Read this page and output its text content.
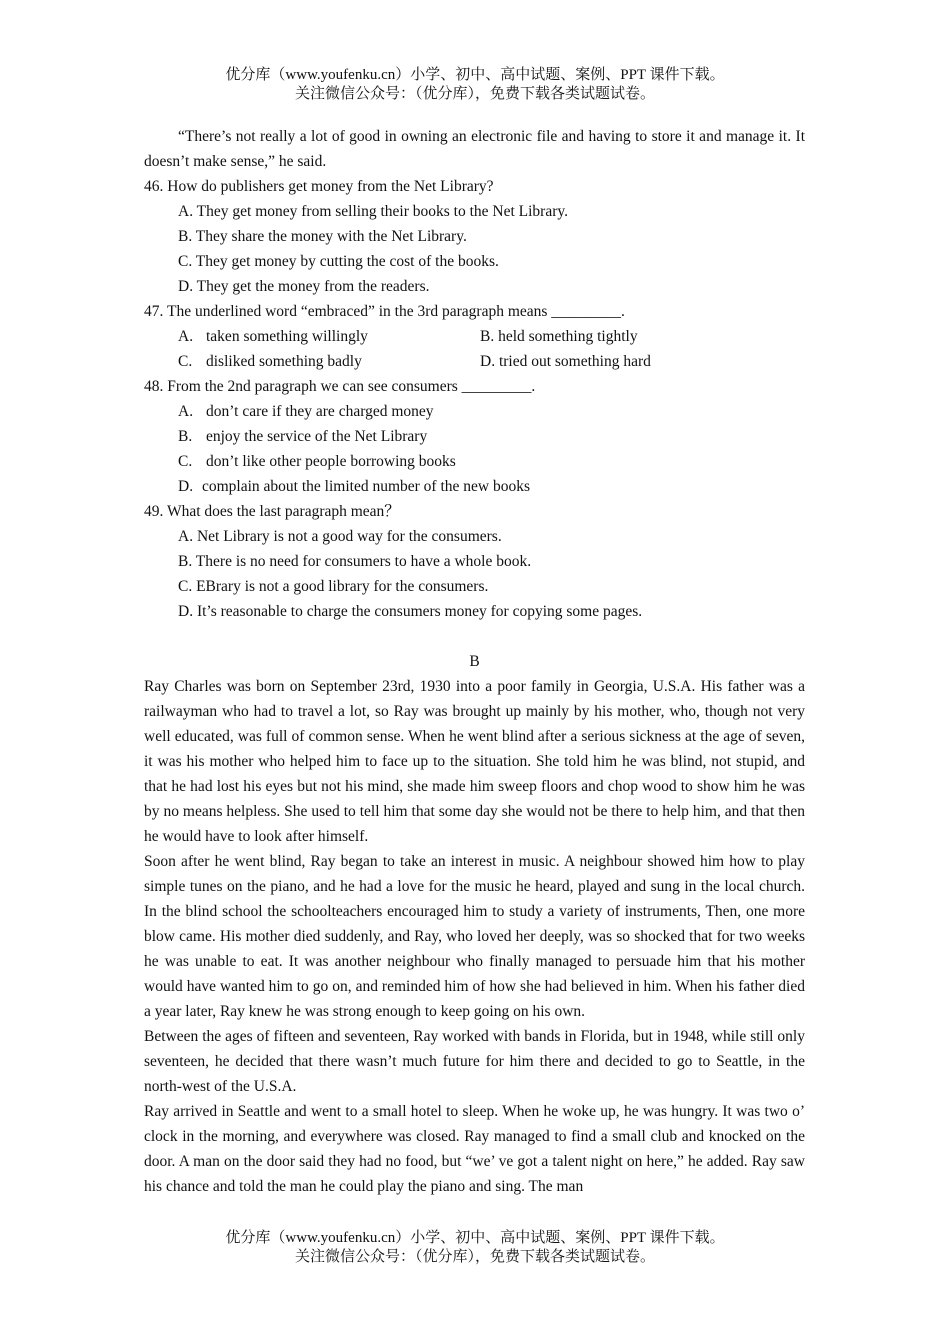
优分库（www.youfenku.cn）小学、初中、高中试题、案例、PPT 课件下载。
关注微信公众号：（优分库），免费下载各类试题试卷。

“There’s not really a lot of good in owning an electronic file and having to store it and manage it. It doesn’t make sense,” he said.

46. How do publishers get money from the Net Library?

A. They get money from selling their books to the Net Library.

B. They share the money with the Net Library.

C. They get money by cutting the cost of the books.

D. They get the money from the readers.

47. The underlined word “embraced” in the 3rd paragraph means _________.

A. taken something willingly	B. held something tightly
C. disliked something badly	D. tried out something hard

48. From the 2nd paragraph we can see consumers _________.

A. don’t care if they are charged money

B. enjoy the service of the Net Library

C. don’t like other people borrowing books

D. complain about the limited number of the new books

49. What does the last paragraph mean？

A. Net Library is not a good way for the consumers.

B. There is no need for consumers to have a whole book.

C. EBrary is not a good library for the consumers.

D. It’s reasonable to charge the consumers money for copying some pages.

B

Ray Charles was born on September 23rd, 1930 into a poor family in Georgia, U.S.A. His father was a railwayman who had to travel a lot, so Ray was brought up mainly by his mother, who, though not very well educated, was full of common sense. When he went blind after a serious sickness at the age of seven, it was his mother who helped him to face up to the situation. She told him he was blind, not stupid, and that he had lost his eyes but not his mind, she made him sweep floors and chop wood to show him he was by no means helpless. She used to tell him that some day she would not be there to help him, and that then he would have to look after himself.

Soon after he went blind, Ray began to take an interest in music. A neighbour showed him how to play simple tunes on the piano, and he had a love for the music he heard, played and sung in the local church. In the blind school the schoolteachers encouraged him to study a variety of instruments, Then, one more blow came. His mother died suddenly, and Ray, who loved her deeply, was so shocked that for two weeks he was unable to eat. It was another neighbour who finally managed to persuade him that his mother would have wanted him to go on, and reminded him of how she had believed in him. When his father died a year later, Ray knew he was strong enough to keep going on his own.

Between the ages of fifteen and seventeen, Ray worked with bands in Florida, but in 1948, while still only seventeen, he decided that there wasn’t much future for him there and decided to go to Seattle, in the north-west of the U.S.A.

Ray arrived in Seattle and went to a small hotel to sleep. When he woke up, he was hungry. It was two o’ clock in the morning, and everywhere was closed. Ray managed to find a small club and knocked on the door. A man on the door said they had no food, but “we’ ve got a talent night on here,” he added. Ray saw his chance and told the man he could play the piano and sing. The man

优分库（www.youfenku.cn）小学、初中、高中试题、案例、PPT 课件下载。
关注微信公众号：（优分库），免费下载各类试题试卷。
